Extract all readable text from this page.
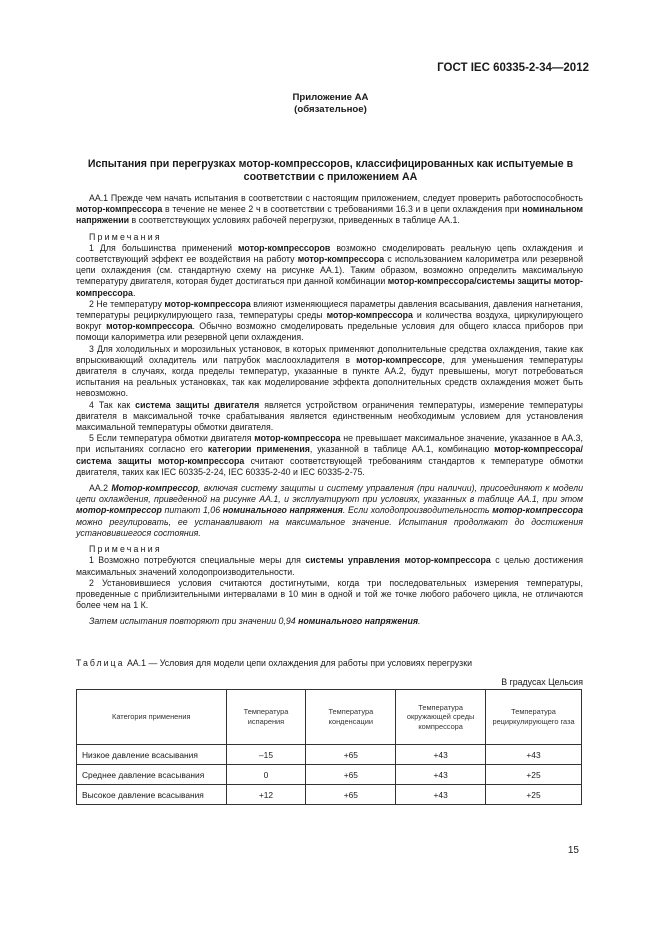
ГОСТ IEC 60335-2-34—2012
Приложение АА
(обязательное)
Испытания при перегрузках мотор-компрессоров, классифицированных как испытуемые в
соответствии с приложением АА

АА.1 Прежде чем начать испытания в соответствии с настоящим приложением, следует проверить работоспособность мотор-компрессора в течение не менее 2 ч в соответствии с требованиями 16.3 и в цепи охлаждения при номинальном напряжении в соответствующих условиях рабочей перегрузки, приведенных в таблице АА.1.

Примечания

1 Для большинства применений мотор-компрессоров возможно смоделировать реальную цепь охлаждения и соответствующий эффект ее воздействия на работу мотор-компрессора с использованием калориметра или резервной цепи охлаждения (см. стандартную схему на рисунке АА.1). Таким образом, возможно определить максимальную температуру двигателя, которая будет достигаться при данной комбинации мотор-компрессора/системы защиты мотор-компрессора.

2 Не температуру мотор-компрессора влияют изменяющиеся параметры давления всасывания, давления нагнетания, температуры рециркулирующего газа, температуры среды мотор-компрессора и количества воздуха, циркулирующего вокруг мотор-компрессора. Обычно возможно смоделировать предельные условия для общего класса приборов при помощи калориметра или резервной цепи охлаждения.

3 Для холодильных и морозильных установок, в которых применяют дополнительные средства охлаждения, такие как впрыскивающий охладитель или патрубок маслоохладителя в мотор-компрессоре, для уменьшения температуры двигателя в случаях, когда пределы температур, указанные в пункте АА.2, будут превышены, могут потребоваться испытания на реальных установках, так как моделирование эффекта дополнительных средств охлаждения может быть невозможно.

4 Так как система защиты двигателя является устройством ограничения температуры, измерение температуры двигателя в максимальной точке срабатывания является единственным необходимым условием для установления максимальной температуры обмотки двигателя.

5 Если температура обмотки двигателя мотор-компрессора не превышает максимальное значение, указанное в АА.3, при испытаниях согласно его категории применения, указанной в таблице АА.1, комбинацию мотор-компрессора/система защиты мотор-компрессора считают соответствующей требованиям стандартов к температуре обмотки двигателя, таких как IEC 60335-2-24, IEC 60335-2-40 и IEC 60335-2-75.

АА.2 Мотор-компрессор, включая систему защиты и систему управления (при наличии), присоединяют к модели цепи охлаждения, приведенной на рисунке АА.1, и эксплуатируют при условиях, указанных в таблице АА.1, при этом мотор-компрессор питают 1,06 номинального напряжения. Если холодопроизводительность мотор-компрессора можно регулировать, ее устанавливают на максимальное значение. Испытания продолжают до достижения установившегося состояния.

Примечания

1 Возможно потребуются специальные меры для системы управления мотор-компрессора с целью достижения максимальных значений холодопроизводительности.

2 Установившиеся условия считаются достигнутыми, когда три последовательных измерения температуры, проведенные с приблизительными интервалами в 10 мин в одной и той же точке любого рабочего цикла, не отличаются более чем на 1 К.

Затем испытания повторяют при значении 0,94 номинального напряжения.

Таблица АА.1 — Условия для модели цепи охлаждения для работы при условиях перегрузки
В градусах Цельсия
Категория применения	Температура испарения	Температура конденсации	Температура окружающей среды компрессора	Температура рециркулирующего газа
Низкое давление всасывания	–15	+65	+43	+43
Среднее давление всасывания	0	+65	+43	+25
Высокое давление всасывания	+12	+65	+43	+25
15
